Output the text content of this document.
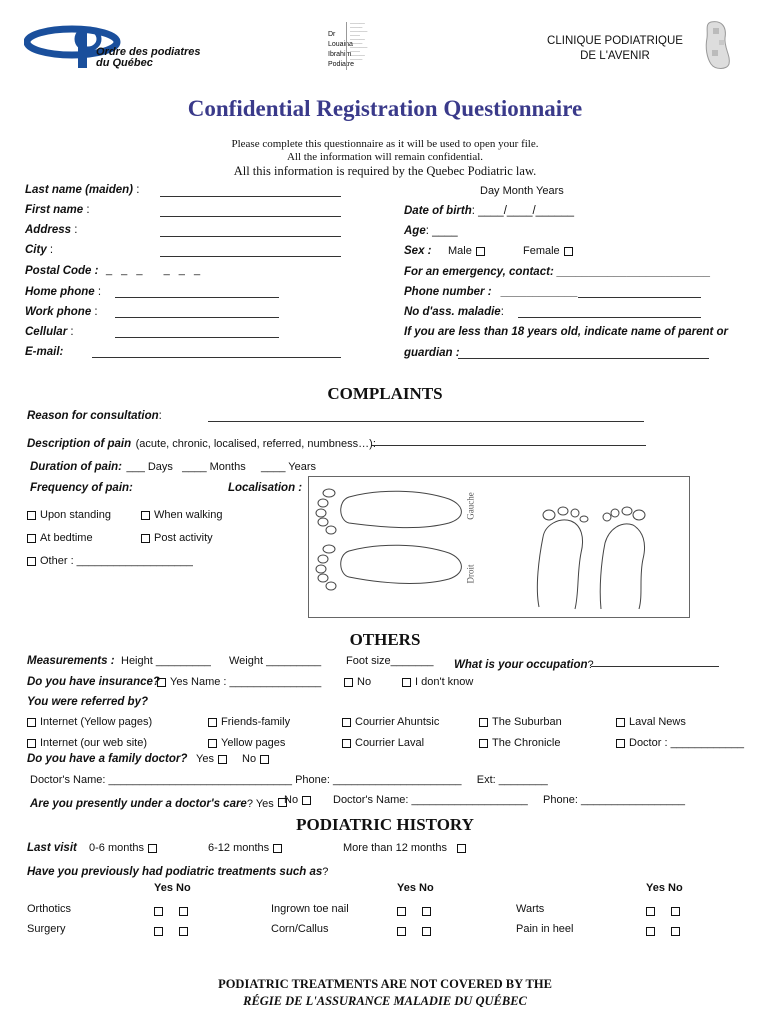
Ordre des podiatres
du Québec
Dr
Louaina
Ibrahim
Podiatre
──────
─────
───────
────
──────
─────
───────
────
──────
─────
CLINIQUE PODIATRIQUE
DE L'AVENIR
Confidential Registration Questionnaire
Please complete this questionnaire as it will be used to open your file.
All the information will remain confidential.
All this information is required by the Quebec Podiatric law.
Last name (maiden) :
First name :
Address :
City :
Postal Code : _ _ _   _ _ _
Home phone :
Work phone :
Cellular :
E-mail:
Day Month Years
Date of birth: ____/____/______
Age: ____
Sex : Male	Female
For an emergency, contact: ________________________
Phone number : ____________
No d'ass. maladie:
If you are less than 18 years old, indicate name of parent or
guardian :
COMPLAINTS
Reason for consultation:
Description of pain (acute, chronic, localised, referred, numbness…):
Duration of pain: ___ Days   ____ Months     ____ Years
Frequency of pain:	Localisation :
Upon standing	When walking
At bedtime	Post activity
Other : ___________________
Gauche
Droit
OTHERS
Measurements : Height _________ Weight _________ Foot size_______ What is your occupation?
Do you have insurance? Yes Name : _______________	No	I don't know
You were referred by?
Internet (Yellow pages)	Friends-family	Courrier Ahuntsic	The Suburban	Laval News
Internet (our web site)	Yellow pages	Courrier Laval	The Chronicle	Doctor : ____________
Do you have a family doctor? Yes	No
Doctor's Name: ______________________________ Phone: _____________________     Ext: ________
Are you presently under a doctor's care? Yes No	Doctor's Name: ___________________     Phone: _________________
PODIATRIC HISTORY
Last visit 0-6 months	6-12 months	More than 12 months
Have you previously had podiatric treatments such as?
Yes No	Yes No	Yes No
Orthotics	Ingrown toe nail	Warts
Surgery	Corn/Callus	Pain in heel
PODIATRIC TREATMENTS ARE NOT COVERED BY THE
RÉGIE DE L'ASSURANCE MALADIE DU QUÉBEC
